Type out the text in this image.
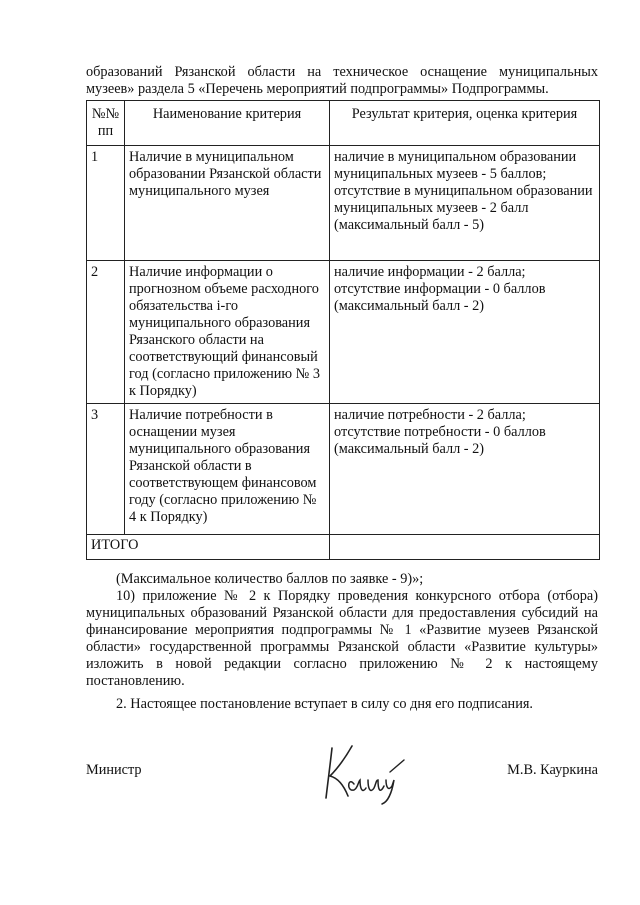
образований Рязанской области на техническое оснащение муниципальных музеев» раздела 5 «Перечень мероприятий подпрограммы» Подпрограммы.

№№ пп	Наименование критерия	Результат критерия, оценка критерия
1	Наличие в муниципальном образовании Рязанской области муниципального музея	наличие в муниципальном образовании муниципальных музеев - 5 баллов; отсутствие в муниципальном образовании муниципальных музеев - 2 балл (максимальный балл - 5)
2	Наличие информации о прогнозном объеме расходного обязательства i-го муниципального образования Рязанского области на соответствующий финансовый год (согласно приложению № 3 к Порядку)	наличие информации - 2 балла; отсутствие информации - 0 баллов (максимальный балл - 2)
3	Наличие потребности в оснащении музея муниципального образования Рязанской области в соответствующем финансовом году (согласно приложению № 4 к Порядку)	наличие потребности - 2 балла; отсутствие потребности - 0 баллов (максимальный балл - 2)
ИТОГО		

(Максимальное количество баллов по заявке - 9)»;

10) приложение № 2 к Порядку проведения конкурсного отбора (отбора) муниципальных образований Рязанской области для предоставления субсидий на финансирование мероприятия подпрограммы № 1 «Развитие музеев Рязанской области» государственной программы Рязанской области «Развитие культуры» изложить в новой редакции согласно приложению № 2 к настоящему постановлению.

2. Настоящее постановление вступает в силу со дня его подписания.

Министр	М.В. Кауркина
